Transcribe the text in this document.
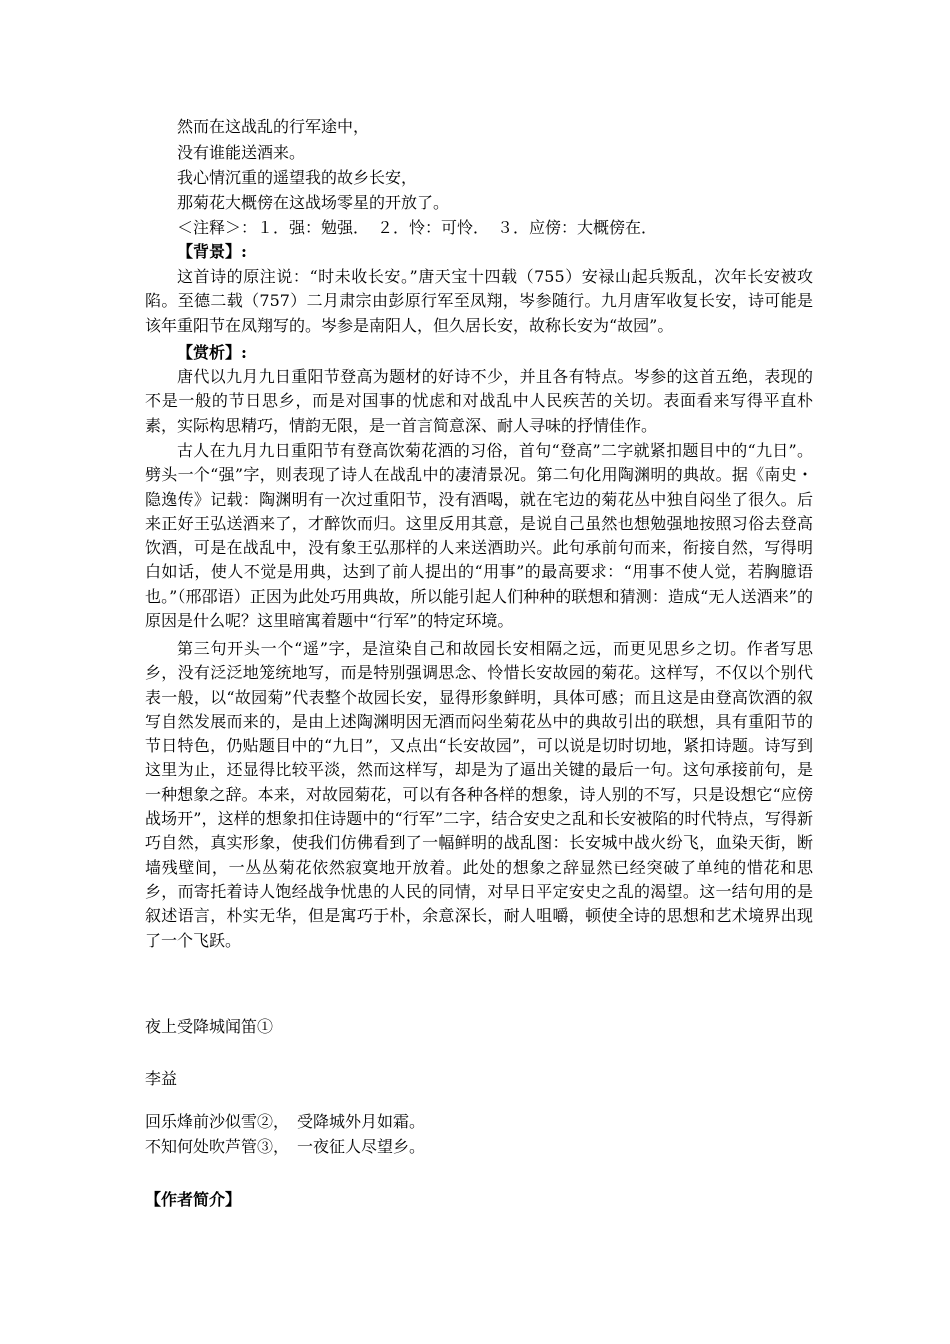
然而在这战乱的行军途中，
没有谁能送酒来。
我心情沉重的遥望我的故乡长安，
那菊花大概傍在这战场零星的开放了。
＜注释＞：１．强：勉强．　２．怜：可怜．　３．应傍：大概傍在．
【背景】:
这首诗的原注说：“时未收长安。”唐天宝十四载（755）安禄山起兵叛乱，次年长安被攻陷。至德二载（757）二月肃宗由彭原行军至凤翔，岑参随行。九月唐军收复长安，诗可能是该年重阳节在凤翔写的。岑参是南阳人，但久居长安，故称长安为“故园”。
【赏析】:
唐代以九月九日重阳节登高为题材的好诗不少，并且各有特点。岑参的这首五绝，表现的不是一般的节日思乡，而是对国事的忧虑和对战乱中人民疾苦的关切。表面看来写得平直朴素，实际构思精巧，情韵无限，是一首言简意深、耐人寻味的抒情佳作。
古人在九月九日重阳节有登高饮菊花酒的习俗，首句“登高”二字就紧扣题目中的“九日”。劈头一个“强”字，则表现了诗人在战乱中的凄清景况。第二句化用陶渊明的典故。据《南史・隐逸传》记载：陶渊明有一次过重阳节，没有酒喝，就在宅边的菊花丛中独自闷坐了很久。后来正好王弘送酒来了，才醉饮而归。这里反用其意，是说自己虽然也想勉强地按照习俗去登高饮酒，可是在战乱中，没有象王弘那样的人来送酒助兴。此句承前句而来，衔接自然，写得明白如话，使人不觉是用典，达到了前人提出的“用事”的最高要求：“用事不使人觉，若胸臆语也。”（邢邵语）正因为此处巧用典故，所以能引起人们种种的联想和猜测：造成“无人送酒来”的原因是什么呢？这里暗寓着题中“行军”的特定环境。
第三句开头一个“遥”字，是渲染自己和故园长安相隔之远，而更见思乡之切。作者写思乡，没有泛泛地笼统地写，而是特别强调思念、怜惜长安故园的菊花。这样写，不仅以个别代表一般，以“故园菊”代表整个故园长安，显得形象鲜明，具体可感；而且这是由登高饮酒的叙写自然发展而来的，是由上述陶渊明因无酒而闷坐菊花丛中的典故引出的联想，具有重阳节的节日特色，仍贴题目中的“九日”，又点出“长安故园”，可以说是切时切地，紧扣诗题。诗写到这里为止，还显得比较平淡，然而这样写，却是为了逼出关键的最后一句。这句承接前句，是一种想象之辞。本来，对故园菊花，可以有各种各样的想象，诗人别的不写，只是设想它“应傍战场开”，这样的想象扣住诗题中的“行军”二字，结合安史之乱和长安被陷的时代特点，写得新巧自然，真实形象，使我们仿佛看到了一幅鲜明的战乱图：长安城中战火纷飞，血染天街，断墙残壁间，一丛丛菊花依然寂寞地开放着。此处的想象之辞显然已经突破了单纯的惜花和思乡，而寄托着诗人饱经战争忧患的人民的同情，对早日平定安史之乱的渴望。这一结句用的是叙述语言，朴实无华，但是寓巧于朴，余意深长，耐人咀嚼，顿使全诗的思想和艺术境界出现了一个飞跃。
夜上受降城闻笛①
李益
回乐烽前沙似雪②，　受降城外月如霜。
不知何处吹芦管③，　一夜征人尽望乡。
【作者简介】
